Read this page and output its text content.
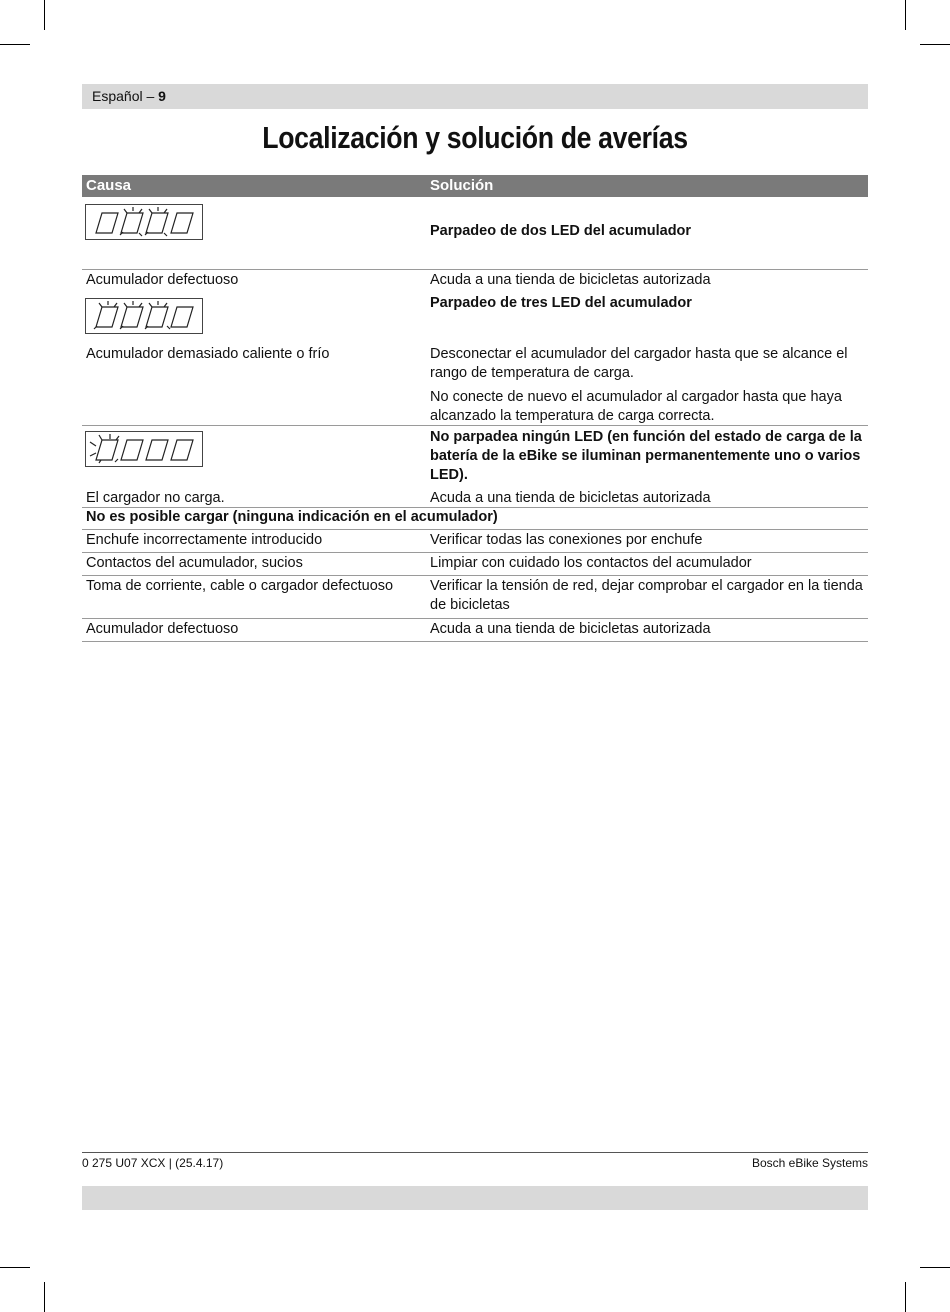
Español – 9
Localización y solución de averías
Causa	Solución
Parpadeo de dos LED del acumulador
Acumulador defectuoso	Acuda a una tienda de bicicletas autorizada
Parpadeo de tres LED del acumulador
Acumulador demasiado caliente o frío	Desconectar el acumulador del cargador hasta que se alcance el rango de temperatura de carga.
No conecte de nuevo el acumulador al cargador hasta que haya alcanzado la temperatura de carga correcta.
No parpadea ningún LED (en función del estado de carga de la batería de la eBike se iluminan permanentemente uno o varios LED).
El cargador no carga.	Acuda a una tienda de bicicletas autorizada
No es posible cargar (ninguna indicación en el acumulador)
Enchufe incorrectamente introducido	Verificar todas las conexiones por enchufe
Contactos del acumulador, sucios	Limpiar con cuidado los contactos del acumulador
Toma de corriente, cable o cargador defectuoso	Verificar la tensión de red, dejar comprobar el cargador en la tienda de bicicletas
Acumulador defectuoso	Acuda a una tienda de bicicletas autorizada
0 275 U07 XCX | (25.4.17)	Bosch eBike Systems
